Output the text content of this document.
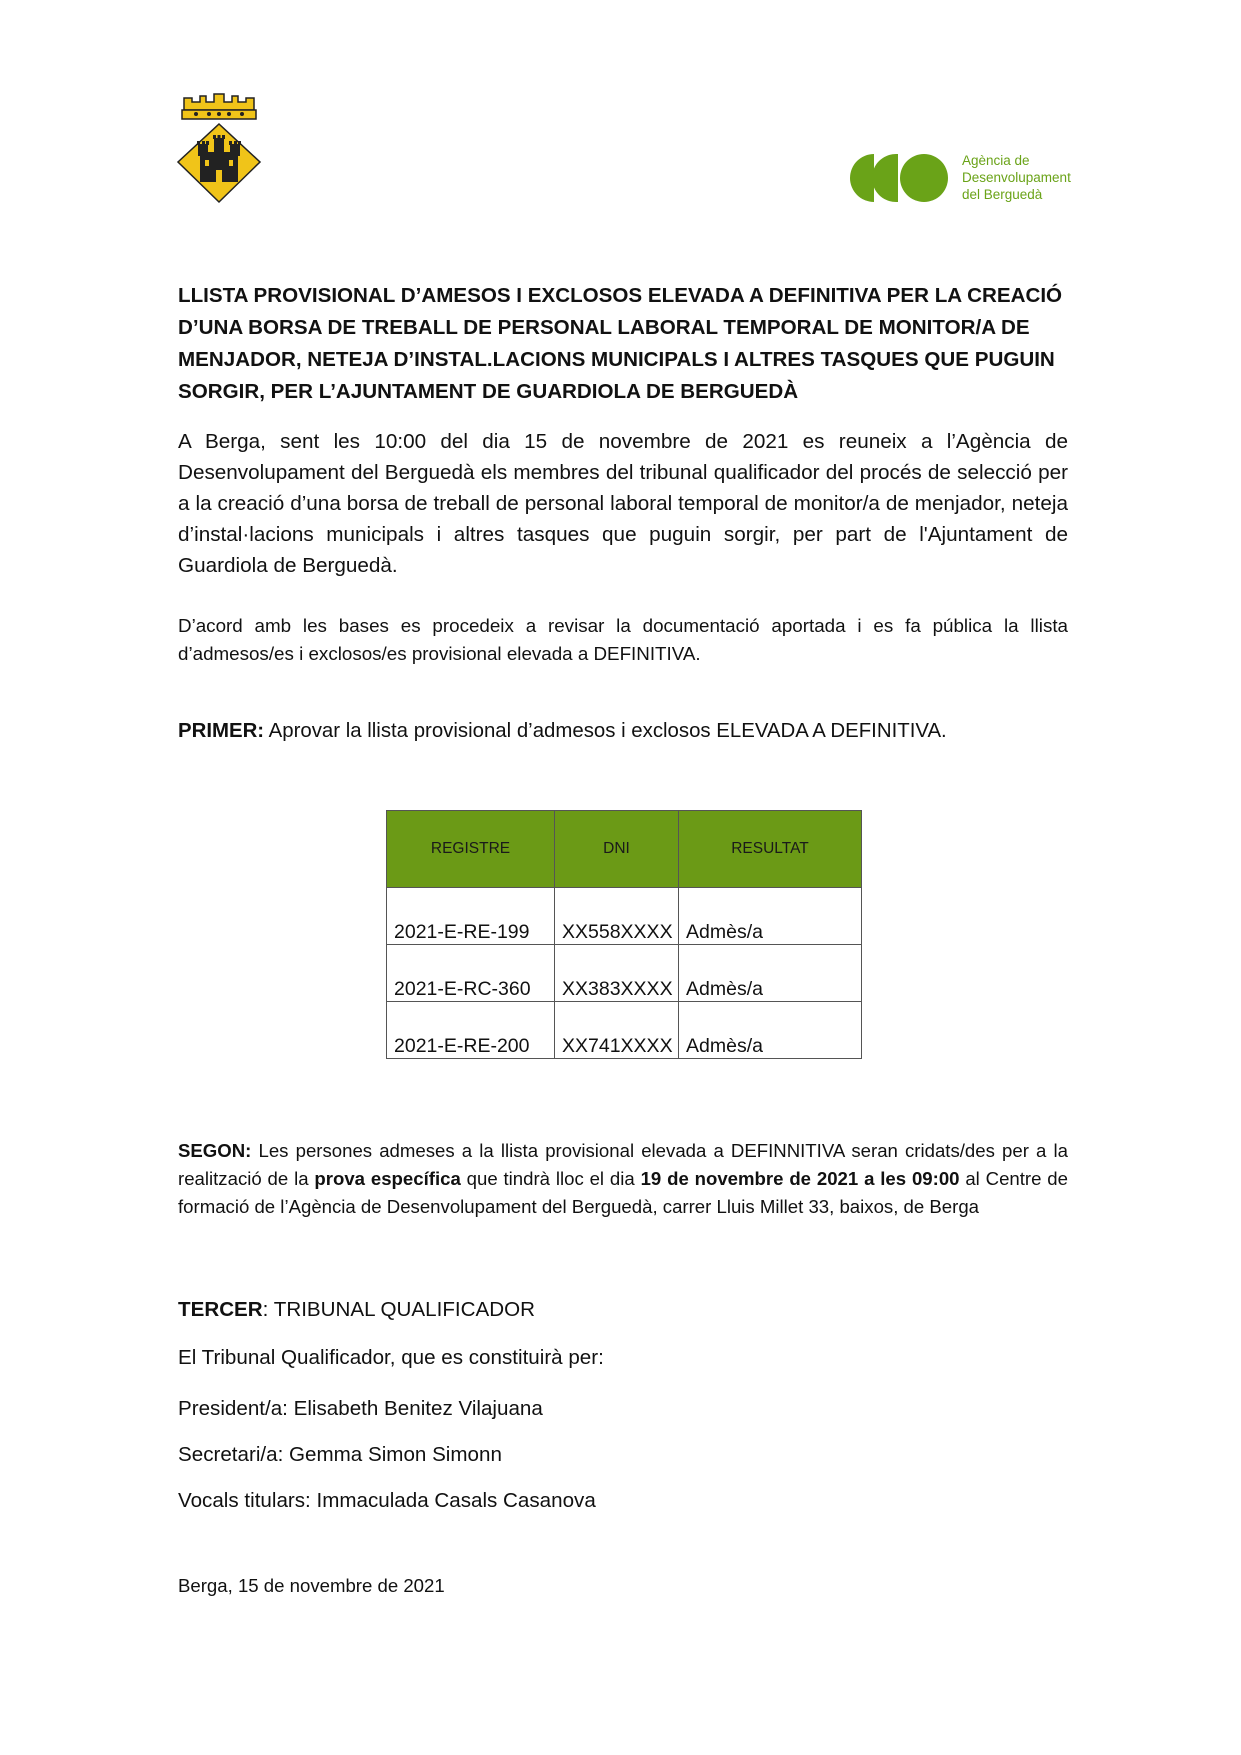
Agència de
Desenvolupament
del Berguedà
LLISTA PROVISIONAL D’AMESOS I EXCLOSOS ELEVADA A DEFINITIVA PER LA CREACIÓ D’UNA BORSA DE TREBALL DE PERSONAL LABORAL TEMPORAL DE MONITOR/A DE MENJADOR, NETEJA D’INSTAL.LACIONS MUNICIPALS I ALTRES TASQUES QUE PUGUIN SORGIR, PER L’AJUNTAMENT DE GUARDIOLA DE BERGUEDÀ
A Berga, sent les 10:00 del dia 15 de novembre de 2021 es reuneix a l’Agència de Desenvolupament del Berguedà els membres del tribunal qualificador del procés de selecció per a la creació d’una borsa de treball de personal laboral temporal de monitor/a de menjador, neteja d’instal·lacions municipals i altres tasques que puguin sorgir, per part de l'Ajuntament de Guardiola de Berguedà.
D’acord amb les bases es procedeix a revisar la documentació aportada i es fa pública la llista d’admesos/es i exclosos/es provisional elevada a DEFINITIVA.
PRIMER: Aprovar la llista provisional d’admesos i exclosos ELEVADA A DEFINITIVA.
REGISTRE	DNI	RESULTAT
2021-E-RE-199	XX558XXXX	Admès/a
2021-E-RC-360	XX383XXXX	Admès/a
2021-E-RE-200	XX741XXXX	Admès/a
SEGON: Les persones admeses a la llista provisional elevada a DEFINNITIVA seran cridats/des per a la realització de la prova específica que tindrà lloc el dia 19 de novembre de 2021 a les 09:00 al Centre de formació de l’Agència de Desenvolupament del Berguedà, carrer Lluis Millet 33, baixos, de Berga
TERCER: TRIBUNAL QUALIFICADOR
El Tribunal Qualificador, que es constituirà per:
President/a: Elisabeth Benitez Vilajuana
Secretari/a: Gemma Simon Simonn
Vocals titulars: Immaculada Casals Casanova
Berga, 15 de novembre de 2021
